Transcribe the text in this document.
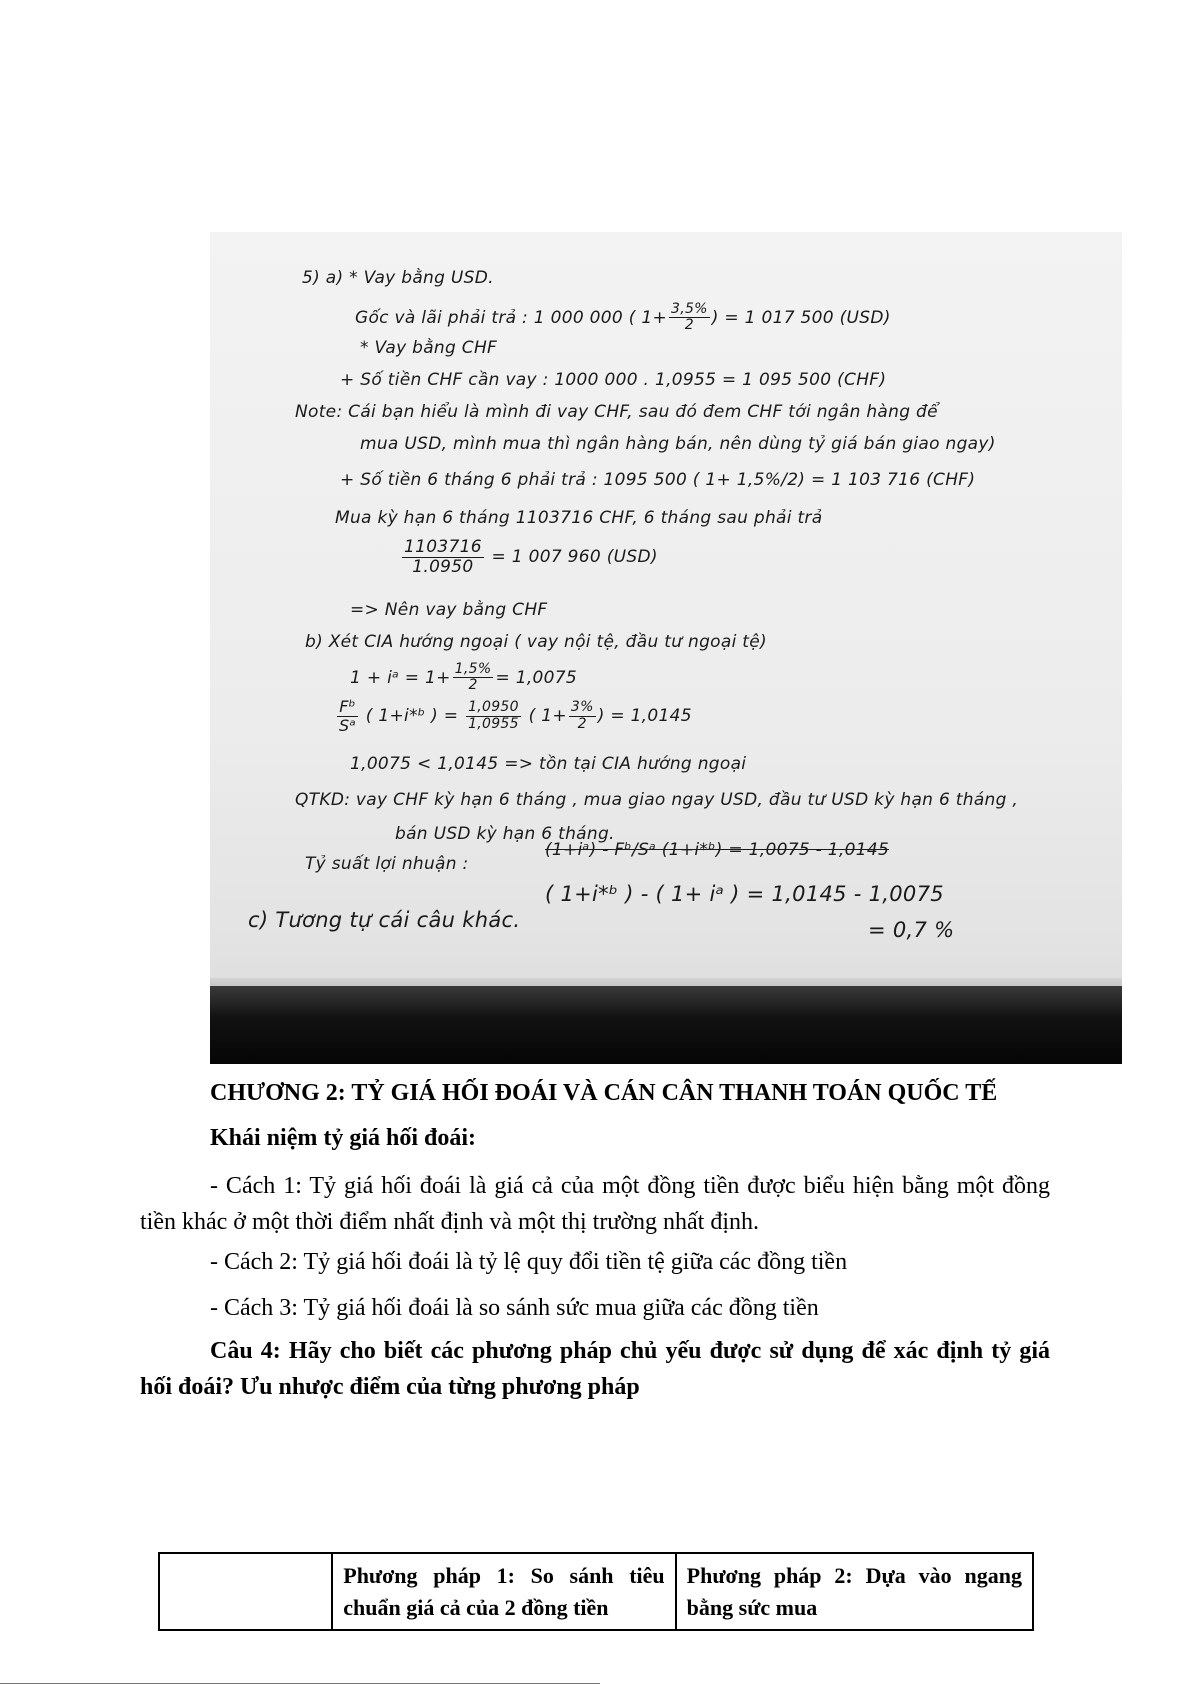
5) a) * Vay bằng USD.
Gốc và lãi phải trả : 1 000 000 ( $1+ \frac{3,5\%}{2}$ ) = 1 017 500 (USD)
* Vay bằng CHF
+ Số tiền CHF cần vay : 1000 000 . 1,0955 = 1 095 500 (CHF)
Note: Cái bạn hiểu là mình đi vay CHF, sau đó đem CHF tới ngân hàng để
mua USD, mình mua thì ngân hàng bán, nên dùng tỷ giá bán giao ngay)
+ Số tiền 6 tháng 6 phải trả : 1095 500 ( 1+ 1,5%/2) = 1 103 716 (CHF)
Mua kỳ hạn 6 tháng 1103716 CHF, 6 tháng sau phải trả
$\frac{1103716}{1.0950} = 1$ 007 960 (USD)
=> Nên vay bằng CHF
b) Xét CIA hướng ngoại ( vay nội tệ, đầu tư ngoại tệ)
1 + iᵃ = $1+ \frac{1,5\%}{2} = 1,0075$
$\frac{\text{Fᵇ}}{\text{Sᵃ}}$ ( 1+i*ᵇ ) = $\frac{1,0950}{1,0955}$ ( $1+ \frac{3\%}{2}$ ) = 1,0145
1,0075 < 1,0145 => tồn tại CIA hướng ngoại
QTKD: vay CHF kỳ hạn 6 tháng , mua giao ngay USD, đầu tư USD kỳ hạn 6 tháng ,
bán USD kỳ hạn 6 tháng.
Tỷ suất lợi nhuận :
(1+iᵃ) - Fᵇ/Sᵃ (1+i*ᵇ) = 1,0075 - 1,0145
( 1+i*ᵇ ) - ( 1+ iᵃ ) = 1,0145 - 1,0075
= 0,7 %
c) Tương tự cái câu khác.
CHƯƠNG 2: TỶ GIÁ HỐI ĐOÁI VÀ CÁN CÂN THANH TOÁN QUỐC TẾ
Khái niệm tỷ giá hối đoái:
- Cách 1: Tỷ giá hối đoái là giá cả của một đồng tiền được biểu hiện bằng một đồng tiền khác ở một thời điểm nhất định và một thị trường nhất định.
- Cách 2: Tỷ giá hối đoái là tỷ lệ quy đổi tiền tệ giữa các đồng tiền
- Cách 3: Tỷ giá hối đoái là so sánh sức mua giữa các đồng tiền
Câu 4: Hãy cho biết các phương pháp chủ yếu được sử dụng để xác định tỷ giá hối đoái? Ưu nhược điểm của từng phương pháp
Phương pháp 1: So sánh tiêu chuẩn giá cả của 2 đồng tiền
Phương pháp 2: Dựa vào ngang bằng sức mua
